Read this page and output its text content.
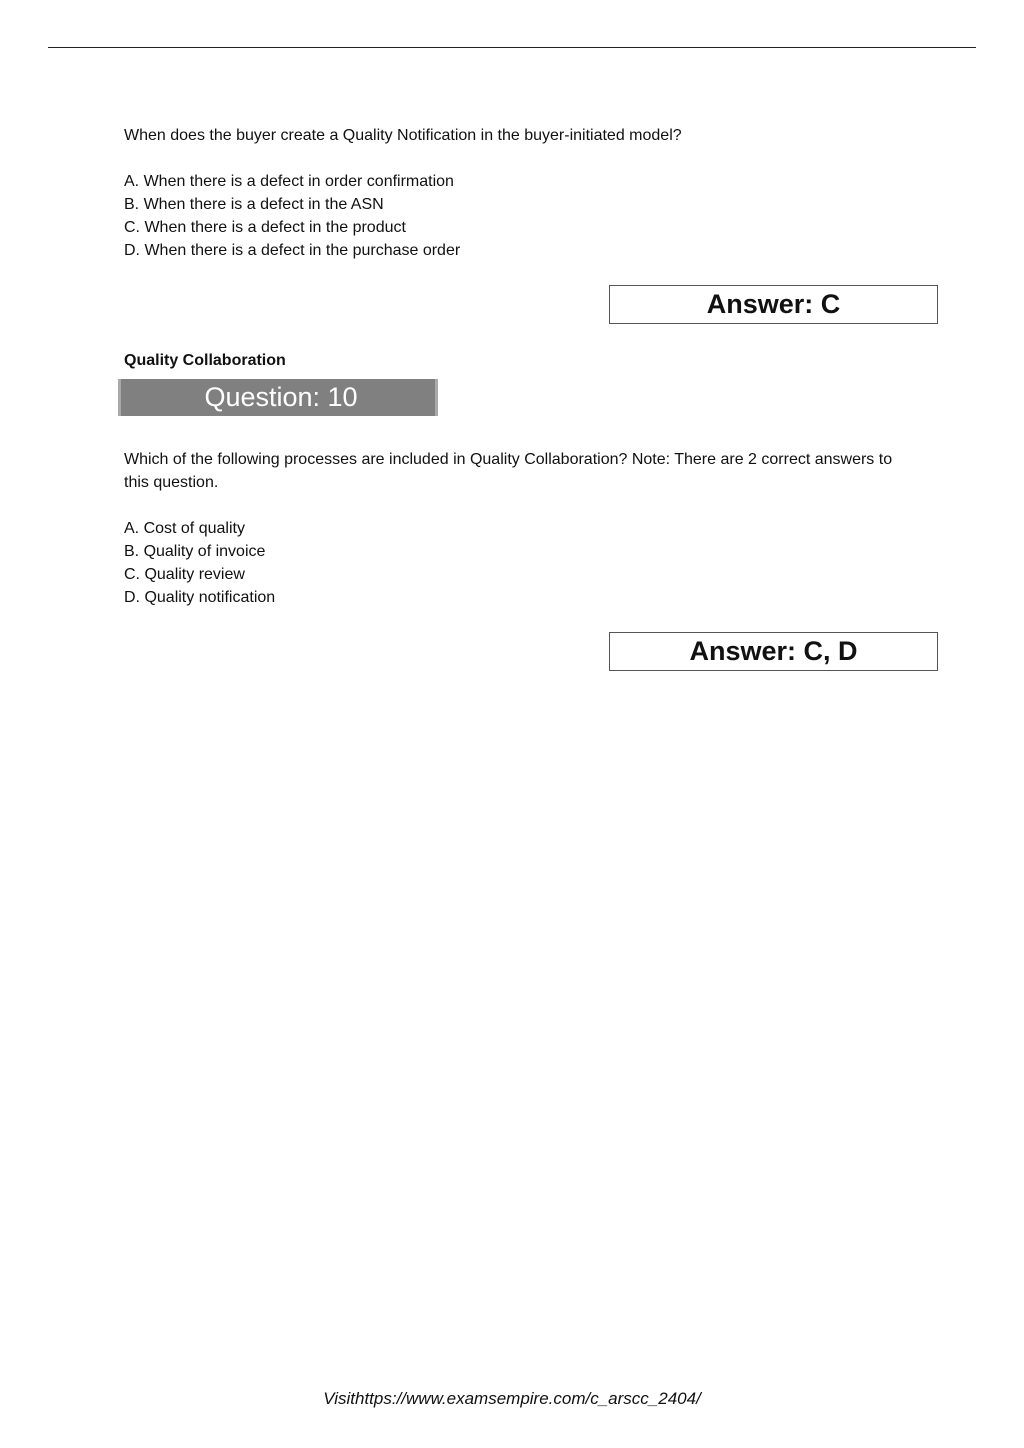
When does the buyer create a Quality Notification in the buyer-initiated model?
A. When there is a defect in order confirmation
B. When there is a defect in the ASN
C. When there is a defect in the product
D. When there is a defect in the purchase order
Answer: C
Quality Collaboration
Question: 10
Which of the following processes are included in Quality Collaboration? Note: There are 2 correct answers to this question.
A. Cost of quality
B. Quality of invoice
C. Quality review
D. Quality notification
Answer: C, D
Visithttps://www.examsempire.com/c_arscc_2404/
